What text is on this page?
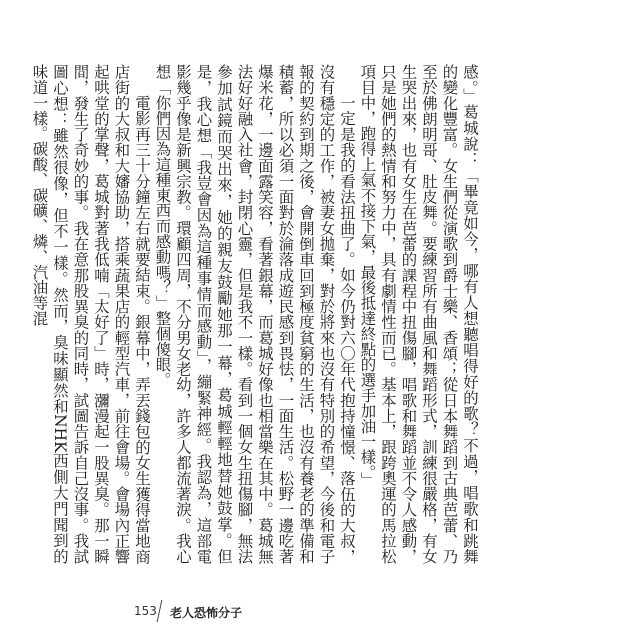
感。」葛城說：「畢竟如今，哪有人想聽唱得好的歌？不過，唱歌和跳舞的變化豐富。女生們從演歌到爵士樂、香頌；從日本舞蹈到古典芭蕾、乃至於佛朗明哥、肚皮舞。要練習所有曲風和舞蹈形式，訓練很嚴格，有女生哭出來，也有女生在芭蕾的課程中扭傷腳，唱歌和舞蹈並不令人感動，只是她們的熱情和努力中，具有劇情性而已。基本上，跟跨奧運的馬拉松項目中，跑得上氣不接下氣，最後抵達終點的選手加油一樣。」

一定是我的看法扭曲了。如今仍對六〇年代抱持憧憬、落伍的大叔，沒有穩定的工作，被妻女拋棄，對於將來也沒有特別的希望，今後和電子報的契約到期之後，會開倒車回到極度貧窮的生活，也沒有養老的準備和積蓄，所以必須一面對於淪落成遊民感到畏怯，一面生活。松野一邊吃著爆米花，一邊面露笑容，看著銀幕，而葛城好像也相當樂在其中。葛城無法好好融入社會，封閉心靈，但是我不一樣。看到一個女生扭傷腳，無法參加試鏡而哭出來，她的親友鼓勵她那一幕，葛城輕輕地替她鼓掌。但是，我心想「我豈會因為這種事情而感動」，繃緊神經。我認為，這部電影幾乎像是新興宗教。環顧四周，不分男女老幼，許多人都流著淚。我心想「你們因為這種東西而感動嗎？」整個傻眼。

電影再三十分鐘左右就要結束。銀幕中，弄丟錢包的女生獲得當地商店街的大叔和大嬸協助，搭乘蔬果店的輕型汽車，前往會場。會場內正響起哄堂的掌聲，葛城對著我低喃「太好了」時，瀰漫起一股異臭。那一瞬間，發生了奇妙的事。我在意那股異臭的同時，試圖告訴自己沒事。我試圖心想：雖然很像，但不一樣。然而，臭味顯然和NHK西側大門聞到的味道一樣。碳酸、碳礦、燐、汽油等混

153 老人恐怖分子
